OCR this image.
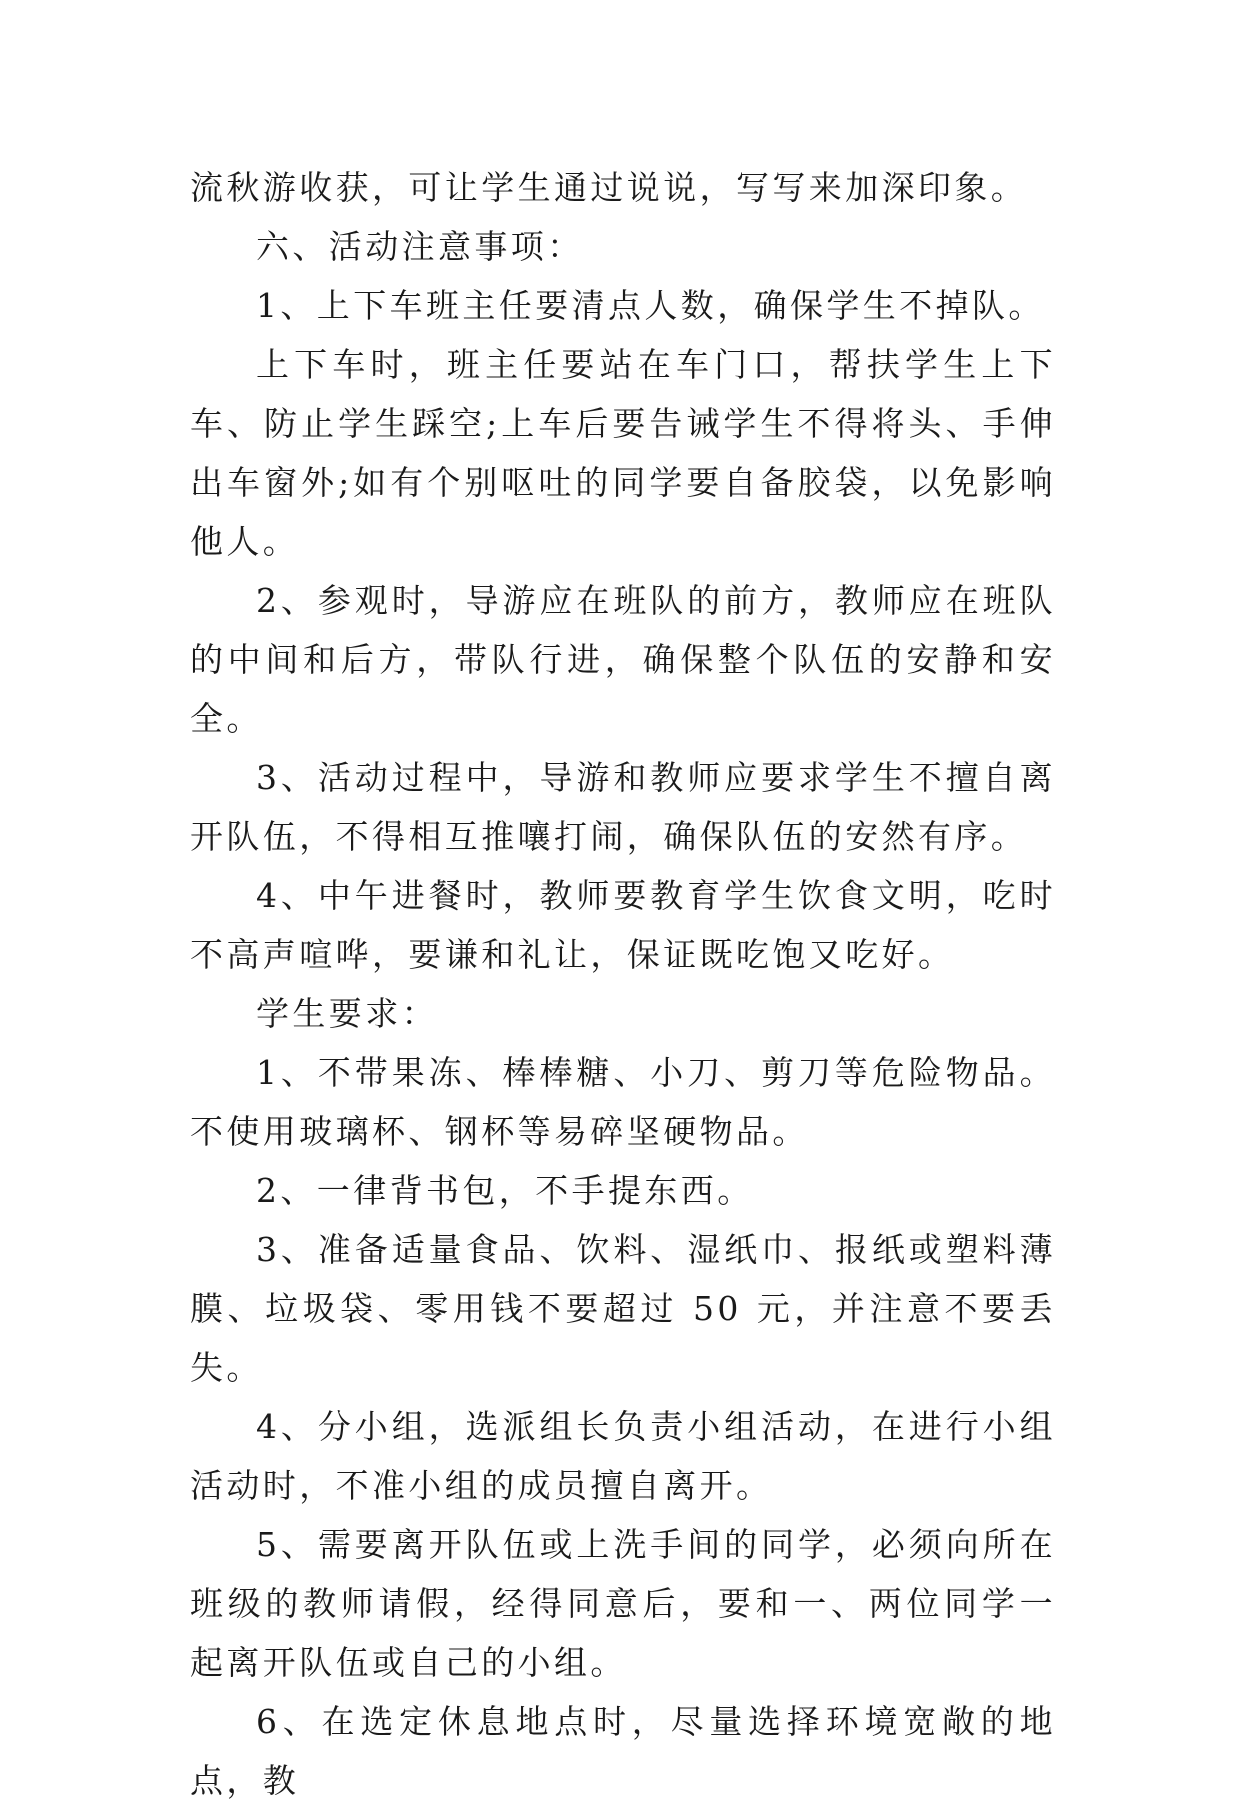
流秋游收获，可让学生通过说说，写写来加深印象。

六、活动注意事项：

1、上下车班主任要清点人数，确保学生不掉队。

上下车时，班主任要站在车门口，帮扶学生上下车、防止学生踩空;上车后要告诫学生不得将头、手伸出车窗外;如有个别呕吐的同学要自备胶袋，以免影响他人。

2、参观时，导游应在班队的前方，教师应在班队的中间和后方，带队行进，确保整个队伍的安静和安全。

3、活动过程中，导游和教师应要求学生不擅自离开队伍，不得相互推嚷打闹，确保队伍的安然有序。

4、中午进餐时，教师要教育学生饮食文明，吃时不高声喧哗，要谦和礼让，保证既吃饱又吃好。

学生要求：

1、不带果冻、棒棒糖、小刀、剪刀等危险物品。不使用玻璃杯、钢杯等易碎坚硬物品。

2、一律背书包，不手提东西。

3、准备适量食品、饮料、湿纸巾、报纸或塑料薄膜、垃圾袋、零用钱不要超过 50 元，并注意不要丢失。

4、分小组，选派组长负责小组活动，在进行小组活动时，不准小组的成员擅自离开。

5、需要离开队伍或上洗手间的同学，必须向所在班级的教师请假，经得同意后，要和一、两位同学一起离开队伍或自己的小组。

6、在选定休息地点时，尽量选择环境宽敞的地点，教
